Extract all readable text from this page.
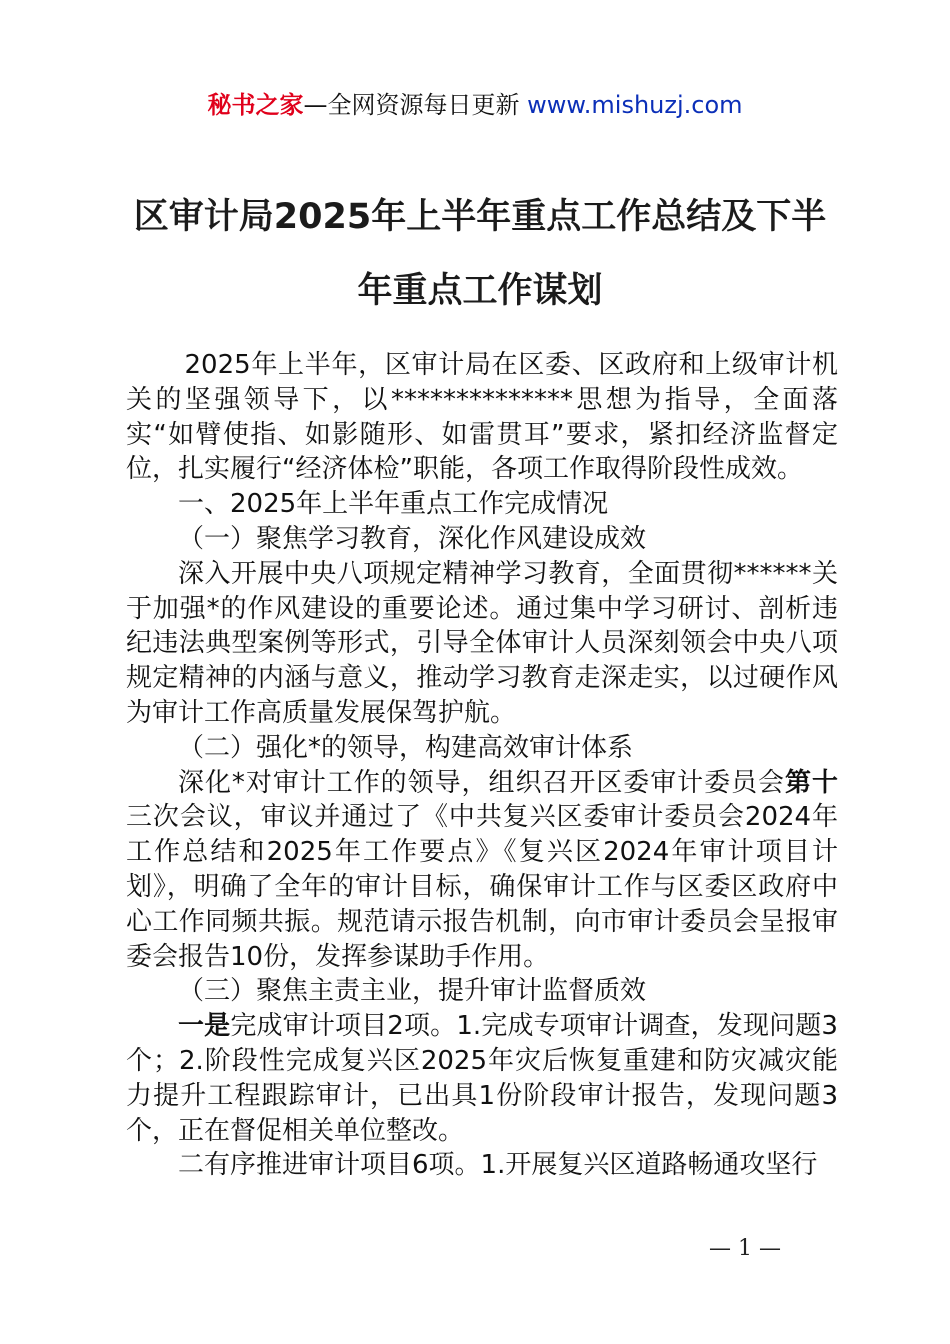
秘书之家—全网资源每日更新 www.mishuzj.com
区审计局2025年上半年重点工作总结及下半
年重点工作谋划

2025年上半年，区审计局在区委、区政府和上级审计机关的坚强领导下，以**************思想为指导，全面落实“如臂使指、如影随形、如雷贯耳”要求，紧扣经济监督定位，扎实履行“经济体检”职能，各项工作取得阶段性成效。

一、2025年上半年重点工作完成情况

（一）聚焦学习教育，深化作风建设成效

深入开展中央八项规定精神学习教育，全面贯彻******关于加强*的作风建设的重要论述。通过集中学习研讨、剖析违纪违法典型案例等形式，引导全体审计人员深刻领会中央八项规定精神的内涵与意义，推动学习教育走深走实，以过硬作风为审计工作高质量发展保驾护航。

（二）强化*的领导，构建高效审计体系

深化*对审计工作的领导，组织召开区委审计委员会第十三次会议，审议并通过了《中共复兴区委审计委员会2024年工作总结和2025年工作要点》《复兴区2024年审计项目计划》，明确了全年的审计目标，确保审计工作与区委区政府中心工作同频共振。规范请示报告机制，向市审计委员会呈报审委会报告10份，发挥参谋助手作用。

（三）聚焦主责主业，提升审计监督质效

一是完成审计项目2项。1.完成专项审计调查，发现问题3个；2.阶段性完成复兴区2025年灾后恢复重建和防灾减灾能力提升工程跟踪审计，已出具1份阶段审计报告，发现问题3个，正在督促相关单位整改。

二有序推进审计项目6项。1.开展复兴区道路畅通攻坚行

— 1 —
